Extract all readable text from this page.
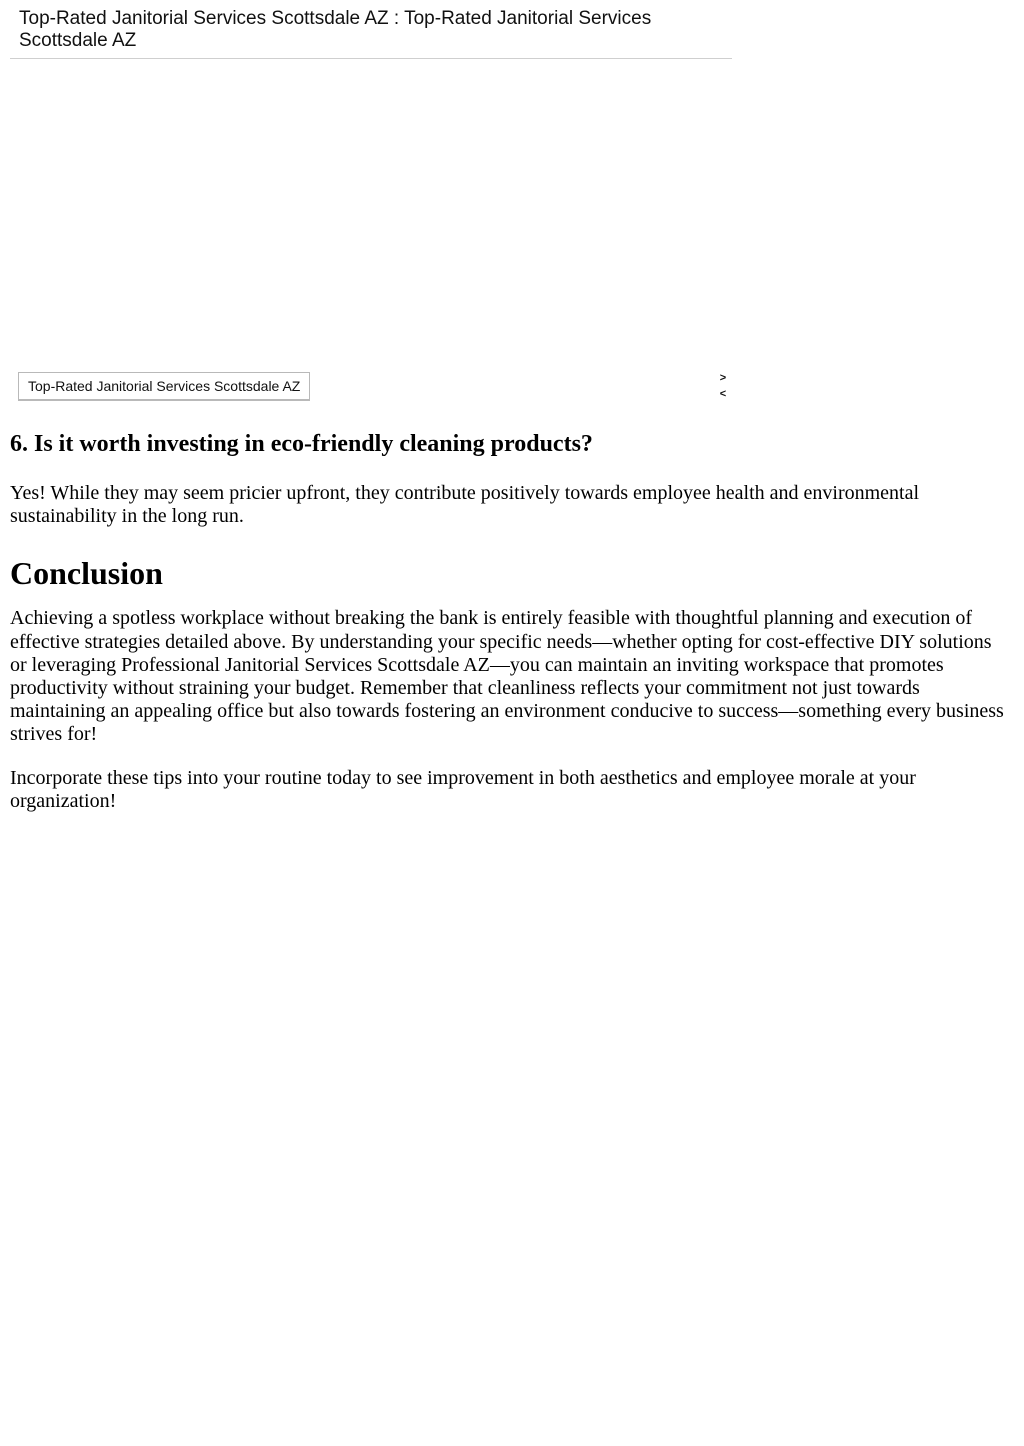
Top-Rated Janitorial Services Scottsdale AZ : Top-Rated Janitorial Services Scottsdale AZ
Top-Rated Janitorial Services Scottsdale AZ	>
<
6. Is it worth investing in eco-friendly cleaning products?

Yes! While they may seem pricier upfront, they contribute positively towards employee health and environmental sustainability in the long run.

Conclusion

Achieving a spotless workplace without breaking the bank is entirely feasible with thoughtful planning and execution of effective strategies detailed above. By understanding your specific needs—whether opting for cost-effective DIY solutions or leveraging Professional Janitorial Services Scottsdale AZ—you can maintain an inviting workspace that promotes productivity without straining your budget. Remember that cleanliness reflects your commitment not just towards maintaining an appealing office but also towards fostering an environment conducive to success—something every business strives for!

Incorporate these tips into your routine today to see improvement in both aesthetics and employee morale at your organization!
